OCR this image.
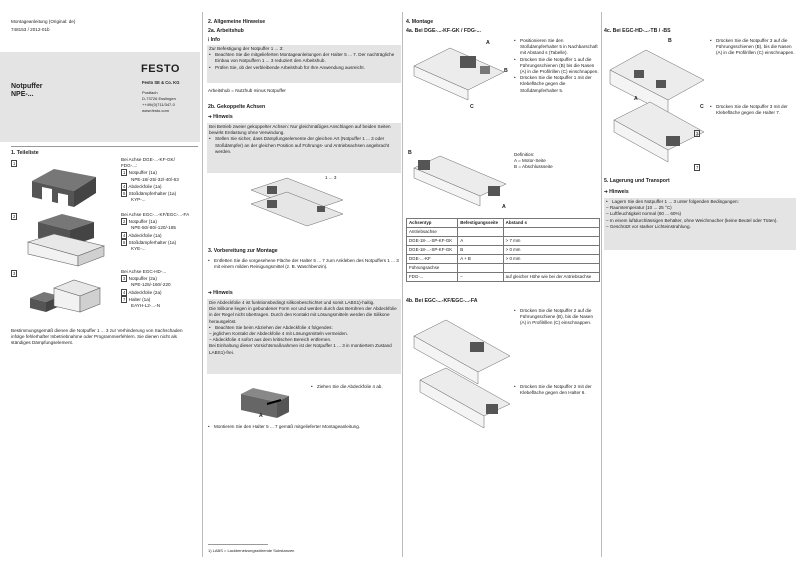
Montageanleitung (Original: de)
748153 / 2012-01b
Notpuffer
NPE-...
FESTO
Festo SE & Co. KG
Postfach
D-73726 Esslingen
++49/(0)711/347-0
www.festo.com
1. Teileliste
1
2
3
Bei Achse DGE-...-KF-GK/
FDG-...:
1 Notpuffer (1a)
NPE-18/-25/-32/-40/-63
4 Abdeckfolie (1a)
5 Stoßdämpferhalter (1a)
KYP-...
Bei Achse EGC-...-KF/EGC-...-FA
2 Notpuffer (1a)
NPE-50/-80/-120/-185
4 Abdeckfolie (1a)
6 Stoßdämpferhalter (1a)
KYE-...
Bei Achse EGC-HD-...
3 Notpuffer (2a)
NPE-125/-160/-220
4 Abdeckfolie (2a)
7 Halter (1a)
EAYH-L2-...-N
Bestimmungsgemäß dienen die Notpuffer 1 ... 3 zur Verhinderung von Sachschaden infolge fehlerhafter Inbetriebnahme oder Programmierfehlern. Sie dienen nicht als ständiges Dämpfungselement.
2. Allgemeine Hinweise
2a. Arbeitshub
ⅰ Info
Zur Befestigung der Notpuffer 1 ... 3:
• Beachten Sie die mitgelieferten Montageanleitungen der Halter 5 ... 7. Der nachträgliche Einbau von Notpuffern 1 ... 3 reduziert den Arbeitshub.
• Prüfen Sie, ob der verbleibende Arbeitshub für Ihre Anwendung ausreicht.
Arbeitshub = Nutzhub minus Notpuffer
2b. Gekoppelte Achsen
➔ Hinweis
Bei Betrieb zweier gekoppelter Achsen: Nur gleichmäßiges Anschlagen auf beiden Seiten bewirkt Entlastung ohne Verwindung.
• Stellen Sie sicher, dass Dämpfungselemente der gleichen Art (Notpuffer 1 ... 3 oder Stoßdämpfer) an der gleichen Position auf Führungs- und Antriebsachsen angebracht werden.
1 ... 3
3. Vorbereitung zur Montage
• Entfetten Sie die vorgesehene Fläche der Halter 5 ... 7 zum Ankleben des Notpuffers 1 ... 3 mit einem milden Reinigungsmittel (z. B. Waschbenzin).
➔ Hinweis
Die Abdeckfolie 4 ist funktionsbedingt silikonbeschichtet und somit LABS1)-haltig.
Die Silikone liegen in gebundener Form vor und werden durch das Berühren der Abdeckfolie in der Regel nicht übertragen. Durch den Kontakt mit Lösungsmitteln werden die Silikone herausgelöst.
• Beachten Sie beim Abziehen der Abdeckfolie 4 folgendes:
– jeglichen Kontakt der Abdeckfolie 4 mit Lösungsmitteln vermeiden.
– Abdeckfolie 4 sofort aus dem kritischen Bereich entfernen.
Bei Einhaltung dieser Vorsichtsmaßnahmen ist der Notpuffer 1 ... 3 in montiertem Zustand LABS1)-frei.
A
• Ziehen Sie die Abdeckfolie 4 ab.
• Montieren Sie den Halter 5 ... 7 gemäß mitgelieferter Montageanleitung.
1) LABS = Lackbenetzungsstörende Substanzen
4. Montage
4a. Bei DGE-...-KF-GK / FDG-...
A
B
C
B
A
• Positionieren Sie den Stoßdämpferhalter 5 in Nachbarschaft mit Abstand s (Tabelle).
• Drücken Sie die Notpuffer 1 auf die Führungsschienen (B) bis die Nasen (A) in die Profilrillen (C) einschnappen.
• Drücken Sie die Notpuffer 1 mit der Klebefläche gegen die Stoßdämpferhalter 5.
Definition:
A = Motor-Seite
B = Abschlussseite
Achsentyp	Befestigungsseite	Abstand s
Antriebsachse		
DGE-18-...-SP-KF-GK	A	> 7 mm
DGE-18-...-SP-KF-GK	B	> 0 mm
DGE-...-KF	A + B	> 0 mm
Führungsachse		
FDG-...	–	auf gleicher Höhe wie bei der Antriebsachse
4b. Bei EGC-...-KF/EGC-...-FA
• Drücken Sie die Notpuffer 2 auf die Führungsschiene (B), bis die Nasen (A) in Profilrillen (C) einschnappen.
• Drücken Sie die Notpuffer 2 mit der Klebefläche gegen den Halter 6.
4c. Bei EGC-HD-...-TB / -BS
B
A
C
3
7
• Drücken Sie die Notpuffer 3 auf die Führungsschienen (B), bis die Nasen (A) in die Profilrillen (C) einschnappen.
• Drücken Sie die Notpuffer 3 mit der Klebefläche gegen die Halter 7.
5. Lagerung und Transport
➔ Hinweis
• Lagern Sie den Notpuffer 1 ... 3 unter folgenden Bedingungen:
– Raumtemperatur (10 ... 25 °C)
– Luftfeuchtigkeit normal (60 ... 60%)
– In einem luftdurchlässigen Behälter, ohne Weichmacher (keine Beutel oder Tüten).
– Geschützt vor starker Lichteinstrahlung.
